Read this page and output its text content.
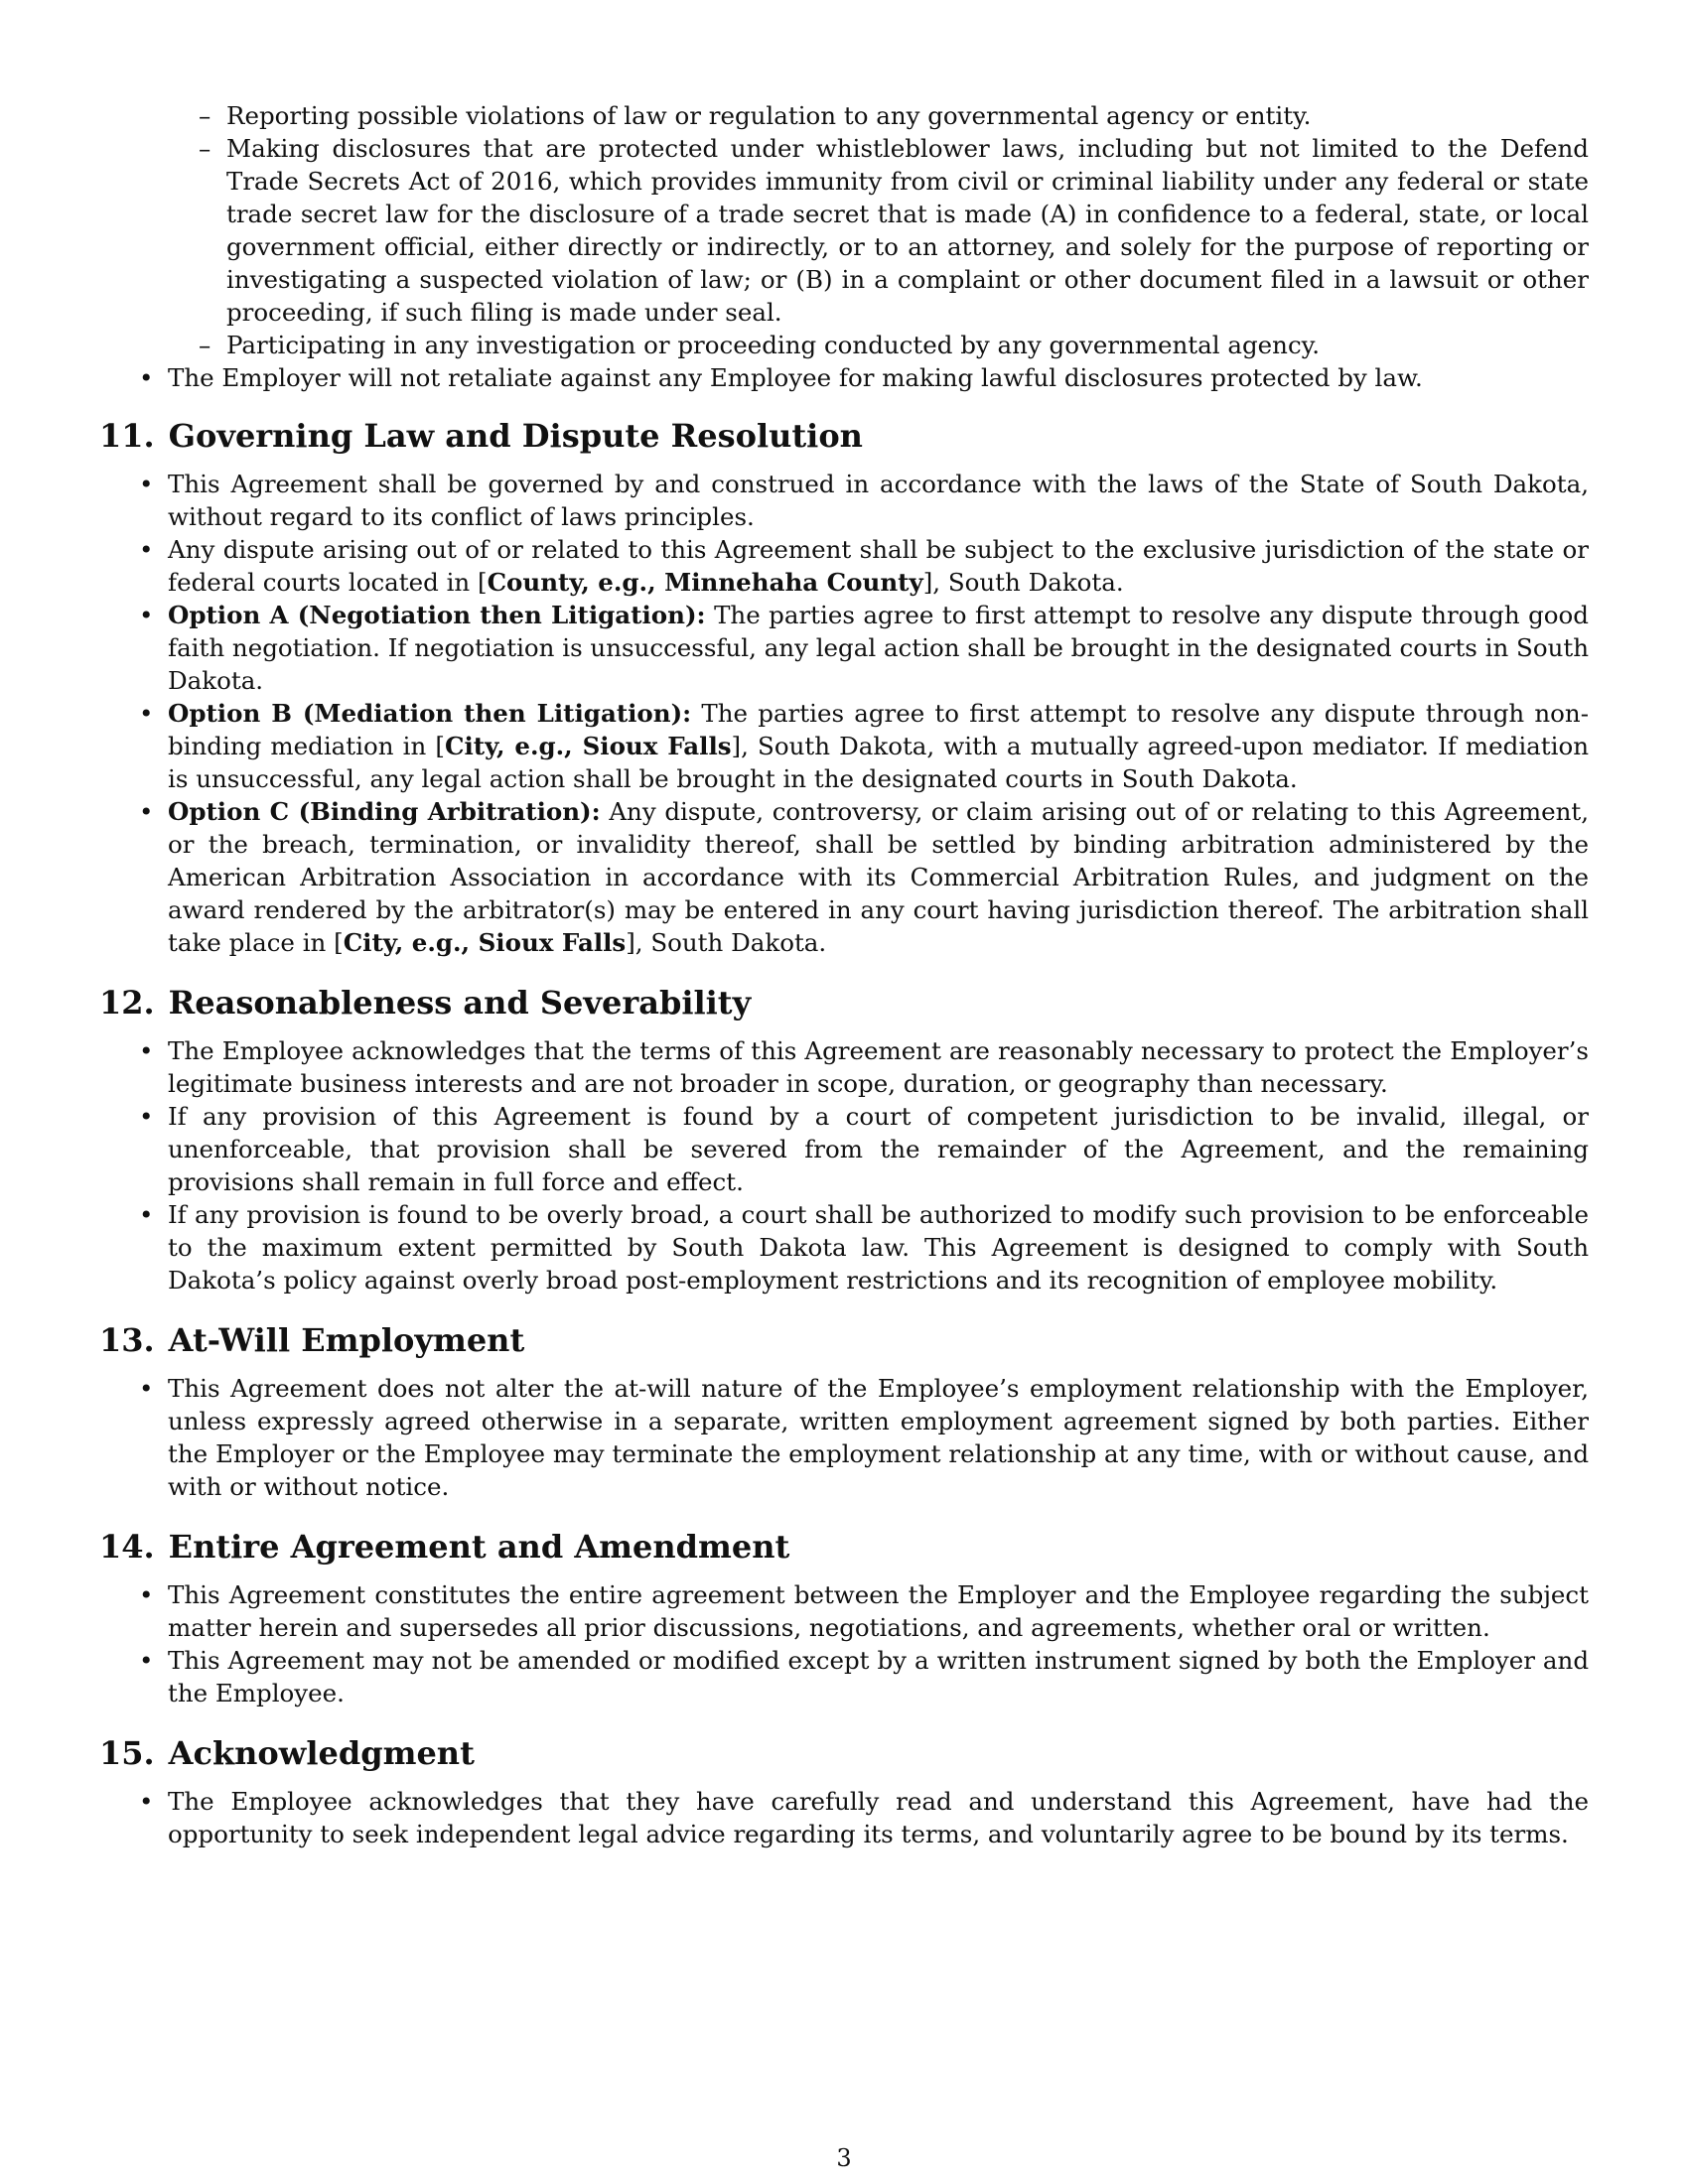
– Reporting possible violations of law or regulation to any governmental agency or entity.
– Making disclosures that are protected under whistleblower laws, including but not limited to the Defend Trade Secrets Act of 2016, which provides immunity from civil or criminal liability under any federal or state trade secret law for the disclosure of a trade secret that is made (A) in confidence to a federal, state, or local government official, either directly or indirectly, or to an attorney, and solely for the purpose of reporting or investigating a suspected violation of law; or (B) in a complaint or other document filed in a lawsuit or other proceeding, if such filing is made under seal.
– Participating in any investigation or proceeding conducted by any governmental agency.
• The Employer will not retaliate against any Employee for making lawful disclosures protected by law.
11. Governing Law and Dispute Resolution
• This Agreement shall be governed by and construed in accordance with the laws of the State of South Dakota, without regard to its conflict of laws principles.
• Any dispute arising out of or related to this Agreement shall be subject to the exclusive jurisdiction of the state or federal courts located in [County, e.g., Minnehaha County], South Dakota.
• Option A (Negotiation then Litigation): The parties agree to first attempt to resolve any dispute through good faith negotiation. If negotiation is unsuccessful, any legal action shall be brought in the designated courts in South Dakota.
• Option B (Mediation then Litigation): The parties agree to first attempt to resolve any dispute through non-binding mediation in [City, e.g., Sioux Falls], South Dakota, with a mutually agreed-upon mediator. If mediation is unsuccessful, any legal action shall be brought in the designated courts in South Dakota.
• Option C (Binding Arbitration): Any dispute, controversy, or claim arising out of or relating to this Agreement, or the breach, termination, or invalidity thereof, shall be settled by binding arbitration administered by the American Arbitration Association in accordance with its Commercial Arbitration Rules, and judgment on the award rendered by the arbitrator(s) may be entered in any court having jurisdiction thereof. The arbitration shall take place in [City, e.g., Sioux Falls], South Dakota.
12. Reasonableness and Severability
• The Employee acknowledges that the terms of this Agreement are reasonably necessary to protect the Employer’s legitimate business interests and are not broader in scope, duration, or geography than necessary.
• If any provision of this Agreement is found by a court of competent jurisdiction to be invalid, illegal, or unenforceable, that provision shall be severed from the remainder of the Agreement, and the remaining provisions shall remain in full force and effect.
• If any provision is found to be overly broad, a court shall be authorized to modify such provision to be enforceable to the maximum extent permitted by South Dakota law. This Agreement is designed to comply with South Dakota’s policy against overly broad post-employment restrictions and its recognition of employee mobility.
13. At-Will Employment
• This Agreement does not alter the at-will nature of the Employee’s employment relationship with the Employer, unless expressly agreed otherwise in a separate, written employment agreement signed by both parties. Either the Employer or the Employee may terminate the employment relationship at any time, with or without cause, and with or without notice.
14. Entire Agreement and Amendment
• This Agreement constitutes the entire agreement between the Employer and the Employee regarding the subject matter herein and supersedes all prior discussions, negotiations, and agreements, whether oral or written.
• This Agreement may not be amended or modified except by a written instrument signed by both the Employer and the Employee.
15. Acknowledgment
• The Employee acknowledges that they have carefully read and understand this Agreement, have had the opportunity to seek independent legal advice regarding its terms, and voluntarily agree to be bound by its terms.
3
